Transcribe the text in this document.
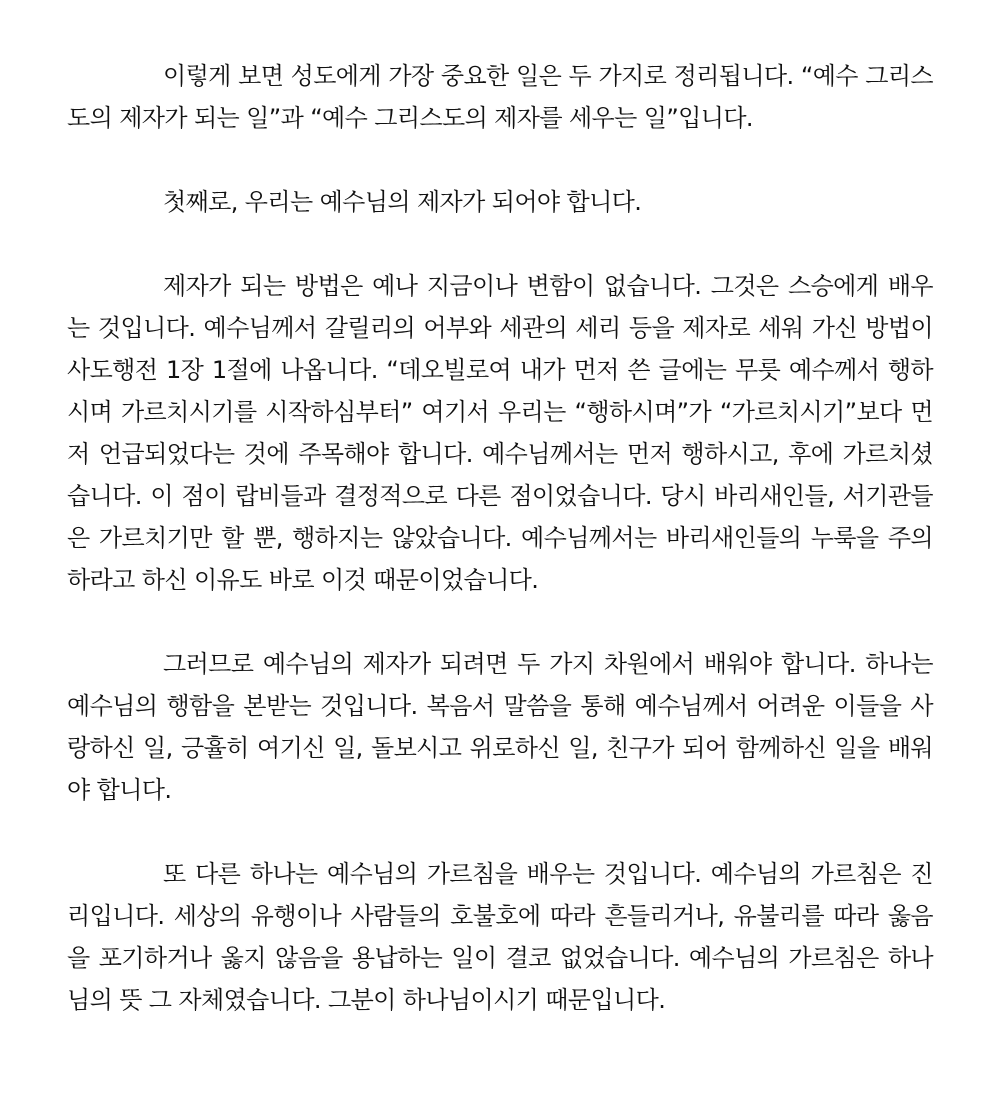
이렇게 보면 성도에게 가장 중요한 일은 두 가지로 정리됩니다. “예수 그리스도의 제자가 되는 일”과 “예수 그리스도의 제자를 세우는 일”입니다.

첫째로, 우리는 예수님의 제자가 되어야 합니다.

제자가 되는 방법은 예나 지금이나 변함이 없습니다. 그것은 스승에게 배우는 것입니다. 예수님께서 갈릴리의 어부와 세관의 세리 등을 제자로 세워 가신 방법이 사도행전 1장 1절에 나옵니다. “데오빌로여 내가 먼저 쓴 글에는 무릇 예수께서 행하시며 가르치시기를 시작하심부터” 여기서 우리는 “행하시며”가 “가르치시기”보다 먼저 언급되었다는 것에 주목해야 합니다. 예수님께서는 먼저 행하시고, 후에 가르치셨습니다. 이 점이 랍비들과 결정적으로 다른 점이었습니다. 당시 바리새인들, 서기관들은 가르치기만 할 뿐, 행하지는 않았습니다. 예수님께서는 바리새인들의 누룩을 주의하라고 하신 이유도 바로 이것 때문이었습니다.

그러므로 예수님의 제자가 되려면 두 가지 차원에서 배워야 합니다. 하나는 예수님의 행함을 본받는 것입니다. 복음서 말씀을 통해 예수님께서 어려운 이들을 사랑하신 일, 긍휼히 여기신 일, 돌보시고 위로하신 일, 친구가 되어 함께하신 일을 배워야 합니다.

또 다른 하나는 예수님의 가르침을 배우는 것입니다. 예수님의 가르침은 진리입니다. 세상의 유행이나 사람들의 호불호에 따라 흔들리거나, 유불리를 따라 옳음을 포기하거나 옳지 않음을 용납하는 일이 결코 없었습니다. 예수님의 가르침은 하나님의 뜻 그 자체였습니다. 그분이 하나님이시기 때문입니다.
